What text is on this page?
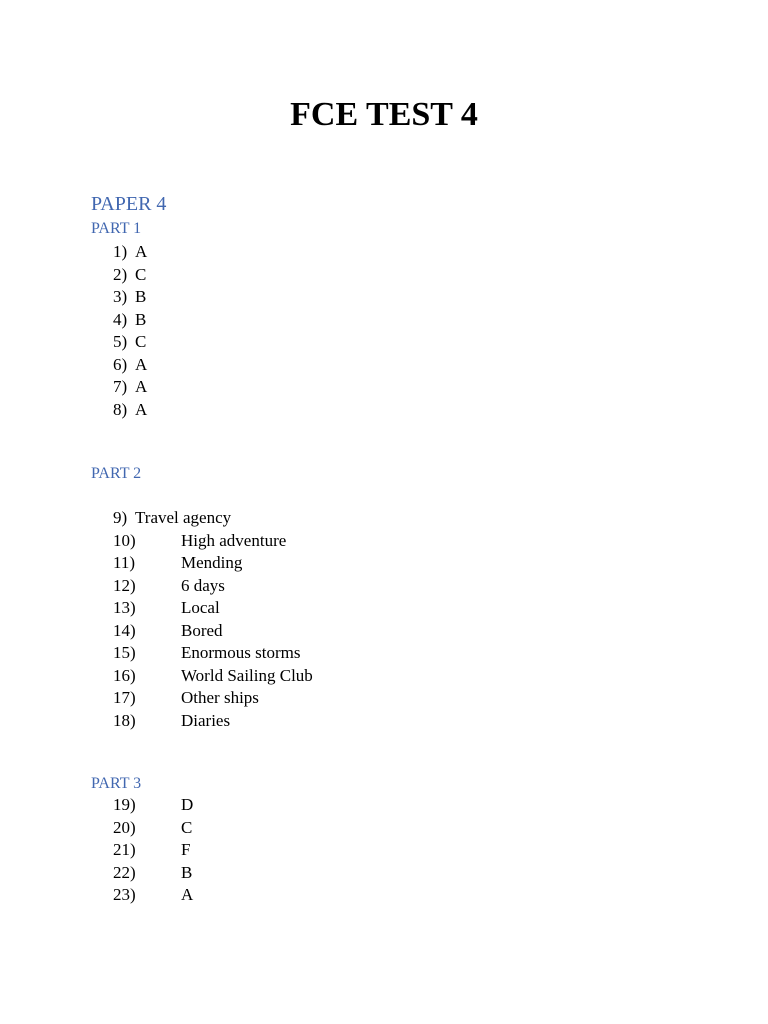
FCE TEST 4
PAPER 4
PART 1
1) A
2) C
3) B
4) B
5) C
6) A
7) A
8) A
PART 2
9) Travel agency
10)	High adventure
11)	Mending
12)	6 days
13)	Local
14)	Bored
15)	Enormous storms
16)	World Sailing Club
17)	Other ships
18)	Diaries
PART 3
19)	D
20)	C
21)	F
22)	B
23)	A
